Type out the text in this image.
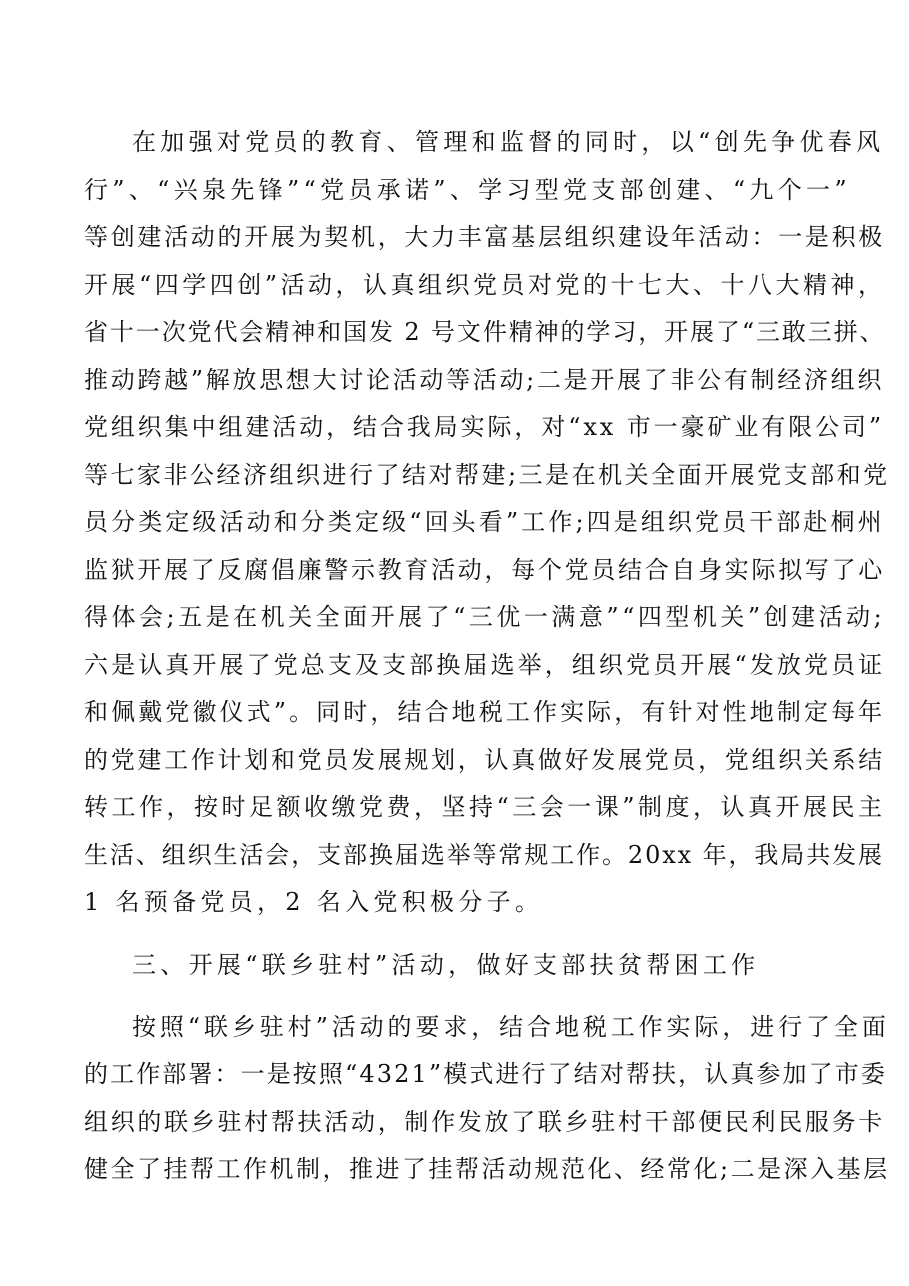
在加强对党员的教育、管理和监督的同时，以“创先争优春风
行”、“兴泉先锋”“党员承诺”、学习型党支部创建、“九个一”
等创建活动的开展为契机，大力丰富基层组织建设年活动：一是积极
开展“四学四创”活动，认真组织党员对党的十七大、十八大精神，
省十一次党代会精神和国发 2 号文件精神的学习，开展了“三敢三拼、
推动跨越”解放思想大讨论活动等活动;二是开展了非公有制经济组织
党组织集中组建活动，结合我局实际，对“xx 市一豪矿业有限公司”
等七家非公经济组织进行了结对帮建;三是在机关全面开展党支部和党
员分类定级活动和分类定级“回头看”工作;四是组织党员干部赴桐州
监狱开展了反腐倡廉警示教育活动，每个党员结合自身实际拟写了心
得体会;五是在机关全面开展了“三优一满意”“四型机关”创建活动;
六是认真开展了党总支及支部换届选举，组织党员开展“发放党员证
和佩戴党徽仪式”。同时，结合地税工作实际，有针对性地制定每年
的党建工作计划和党员发展规划，认真做好发展党员，党组织关系结
转工作，按时足额收缴党费，坚持“三会一课”制度，认真开展民主
生活、组织生活会，支部换届选举等常规工作。20xx 年，我局共发展
1 名预备党员，2 名入党积极分子。
三、开展“联乡驻村”活动，做好支部扶贫帮困工作
按照“联乡驻村”活动的要求，结合地税工作实际，进行了全面
的工作部署：一是按照“4321”模式进行了结对帮扶，认真参加了市委
组织的联乡驻村帮扶活动，制作发放了联乡驻村干部便民利民服务卡
健全了挂帮工作机制，推进了挂帮活动规范化、经常化;二是深入基层
